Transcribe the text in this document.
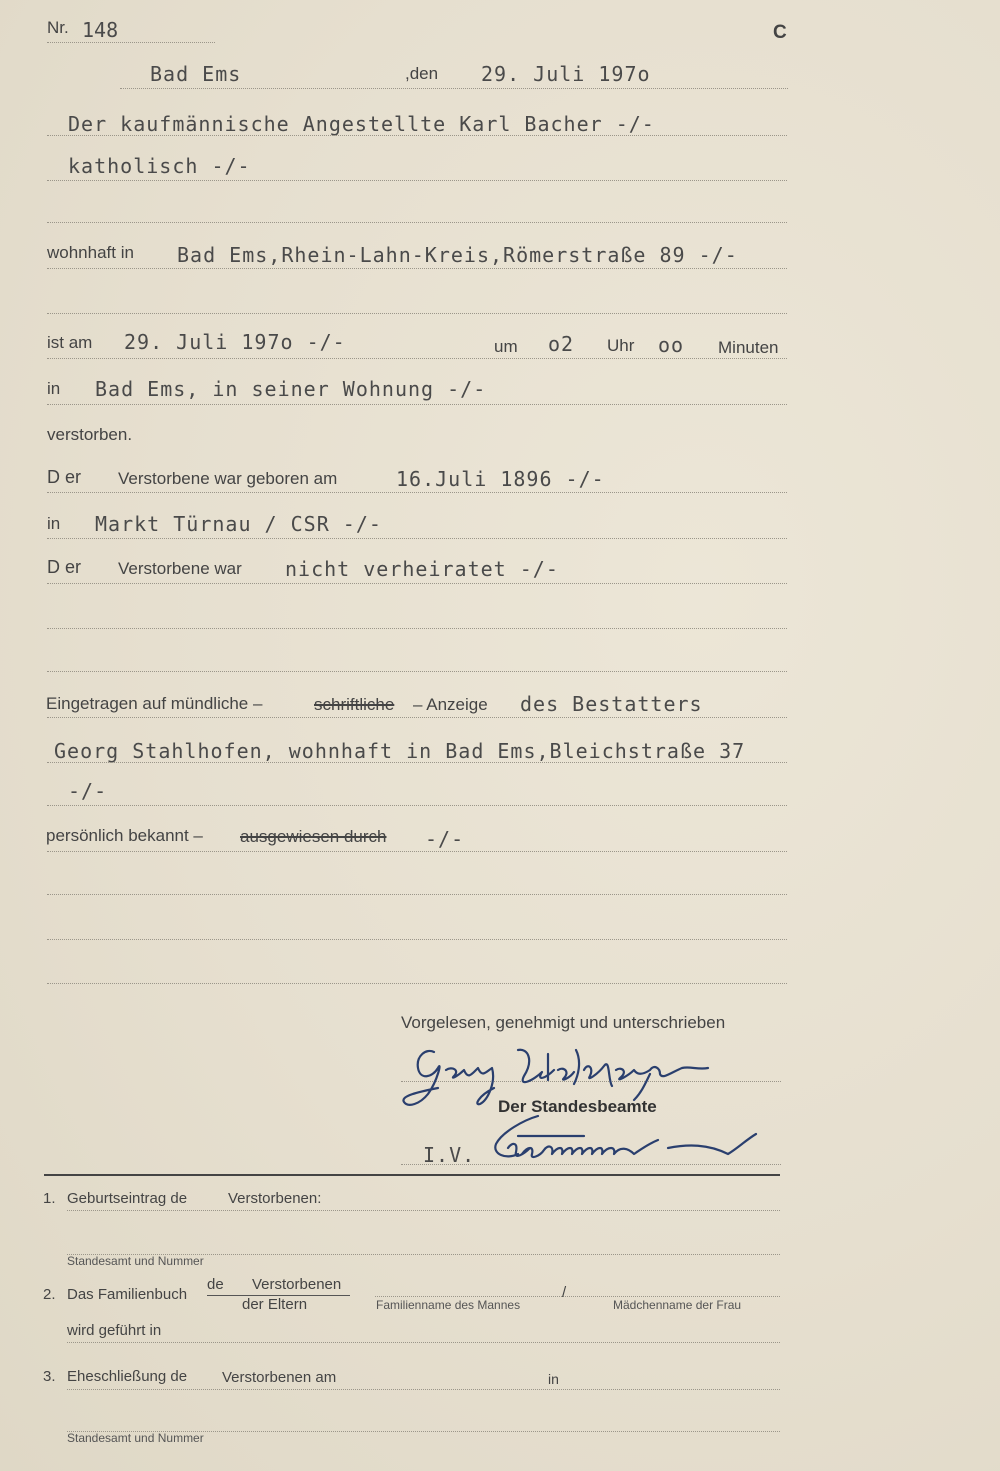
Nr. 148	C
Bad Ems	,den 29. Juli 197o
Der kaufmännische Angestellte Karl Bacher -/-
katholisch -/-
wohnhaft in Bad Ems,Rhein-Lahn-Kreis,Römerstraße 89 -/-
ist am 29. Juli 197o -/-	um o2 Uhr oo Minuten
in Bad Ems, in seiner Wohnung -/-
verstorben.
D er Verstorbene war geboren am	16.Juli 1896 -/-
in Markt Türnau / CSR -/-
D er Verstorbene war nicht verheiratet -/-
Eingetragen auf mündliche –	schriftliche – Anzeige des Bestatters
Georg Stahlhofen, wohnhaft in Bad Ems,Bleichstraße 37
-/-
persönlich bekannt – ausgewiesen durch -/-
Vorgelesen, genehmigt und unterschrieben
Der Standesbeamte
I.V.
1. Geburtseintrag de	Verstorbenen:
Standesamt und Nummer
2. Das Familienbuch
de Verstorbenen
der Eltern	Familienname des Mannes
/
Mädchenname der Frau
wird geführt in
3. Eheschließung de Verstorbenen am	in
Standesamt und Nummer
